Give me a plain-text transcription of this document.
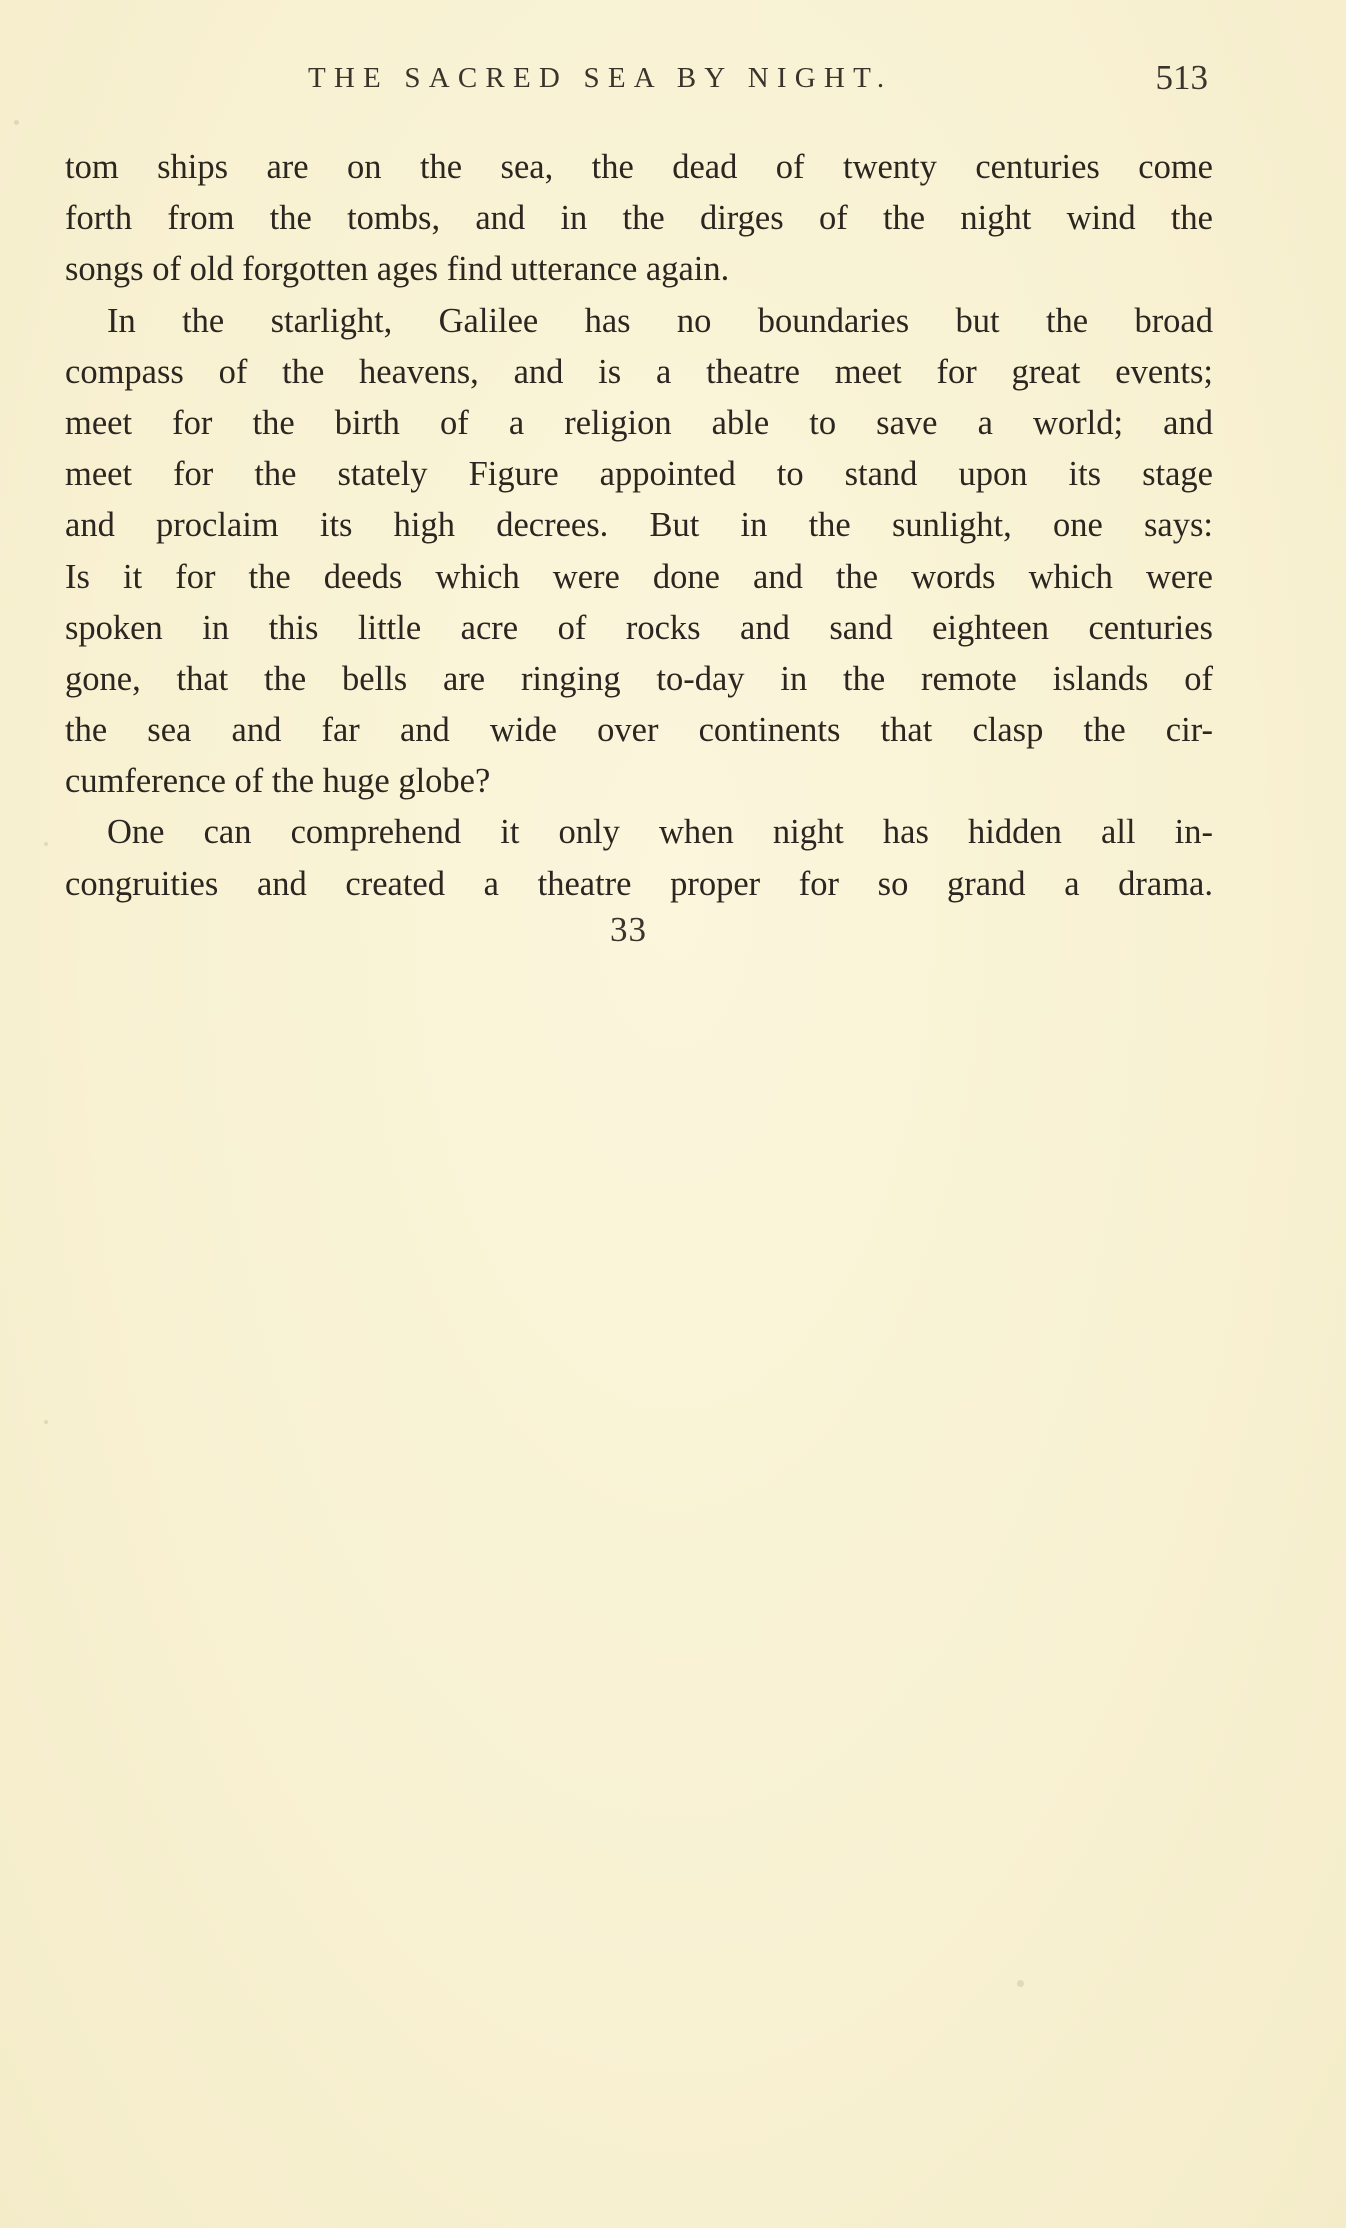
THE SACRED SEA BY NIGHT.	513
tom ships are on the sea, the dead of twenty centuries come
forth from the tombs, and in the dirges of the night wind the
songs of old forgotten ages find utterance again.
In the starlight, Galilee has no boundaries but the broad
compass of the heavens, and is a theatre meet for great events;
meet for the birth of a religion able to save a world; and
meet for the stately Figure appointed to stand upon its stage
and proclaim its high decrees. But in the sunlight, one says:
Is it for the deeds which were done and the words which were
spoken in this little acre of rocks and sand eighteen centuries
gone, that the bells are ringing to-day in the remote islands of
the sea and far and wide over continents that clasp the cir-
cumference of the huge globe?
One can comprehend it only when night has hidden all in-
congruities and created a theatre proper for so grand a drama.
33
